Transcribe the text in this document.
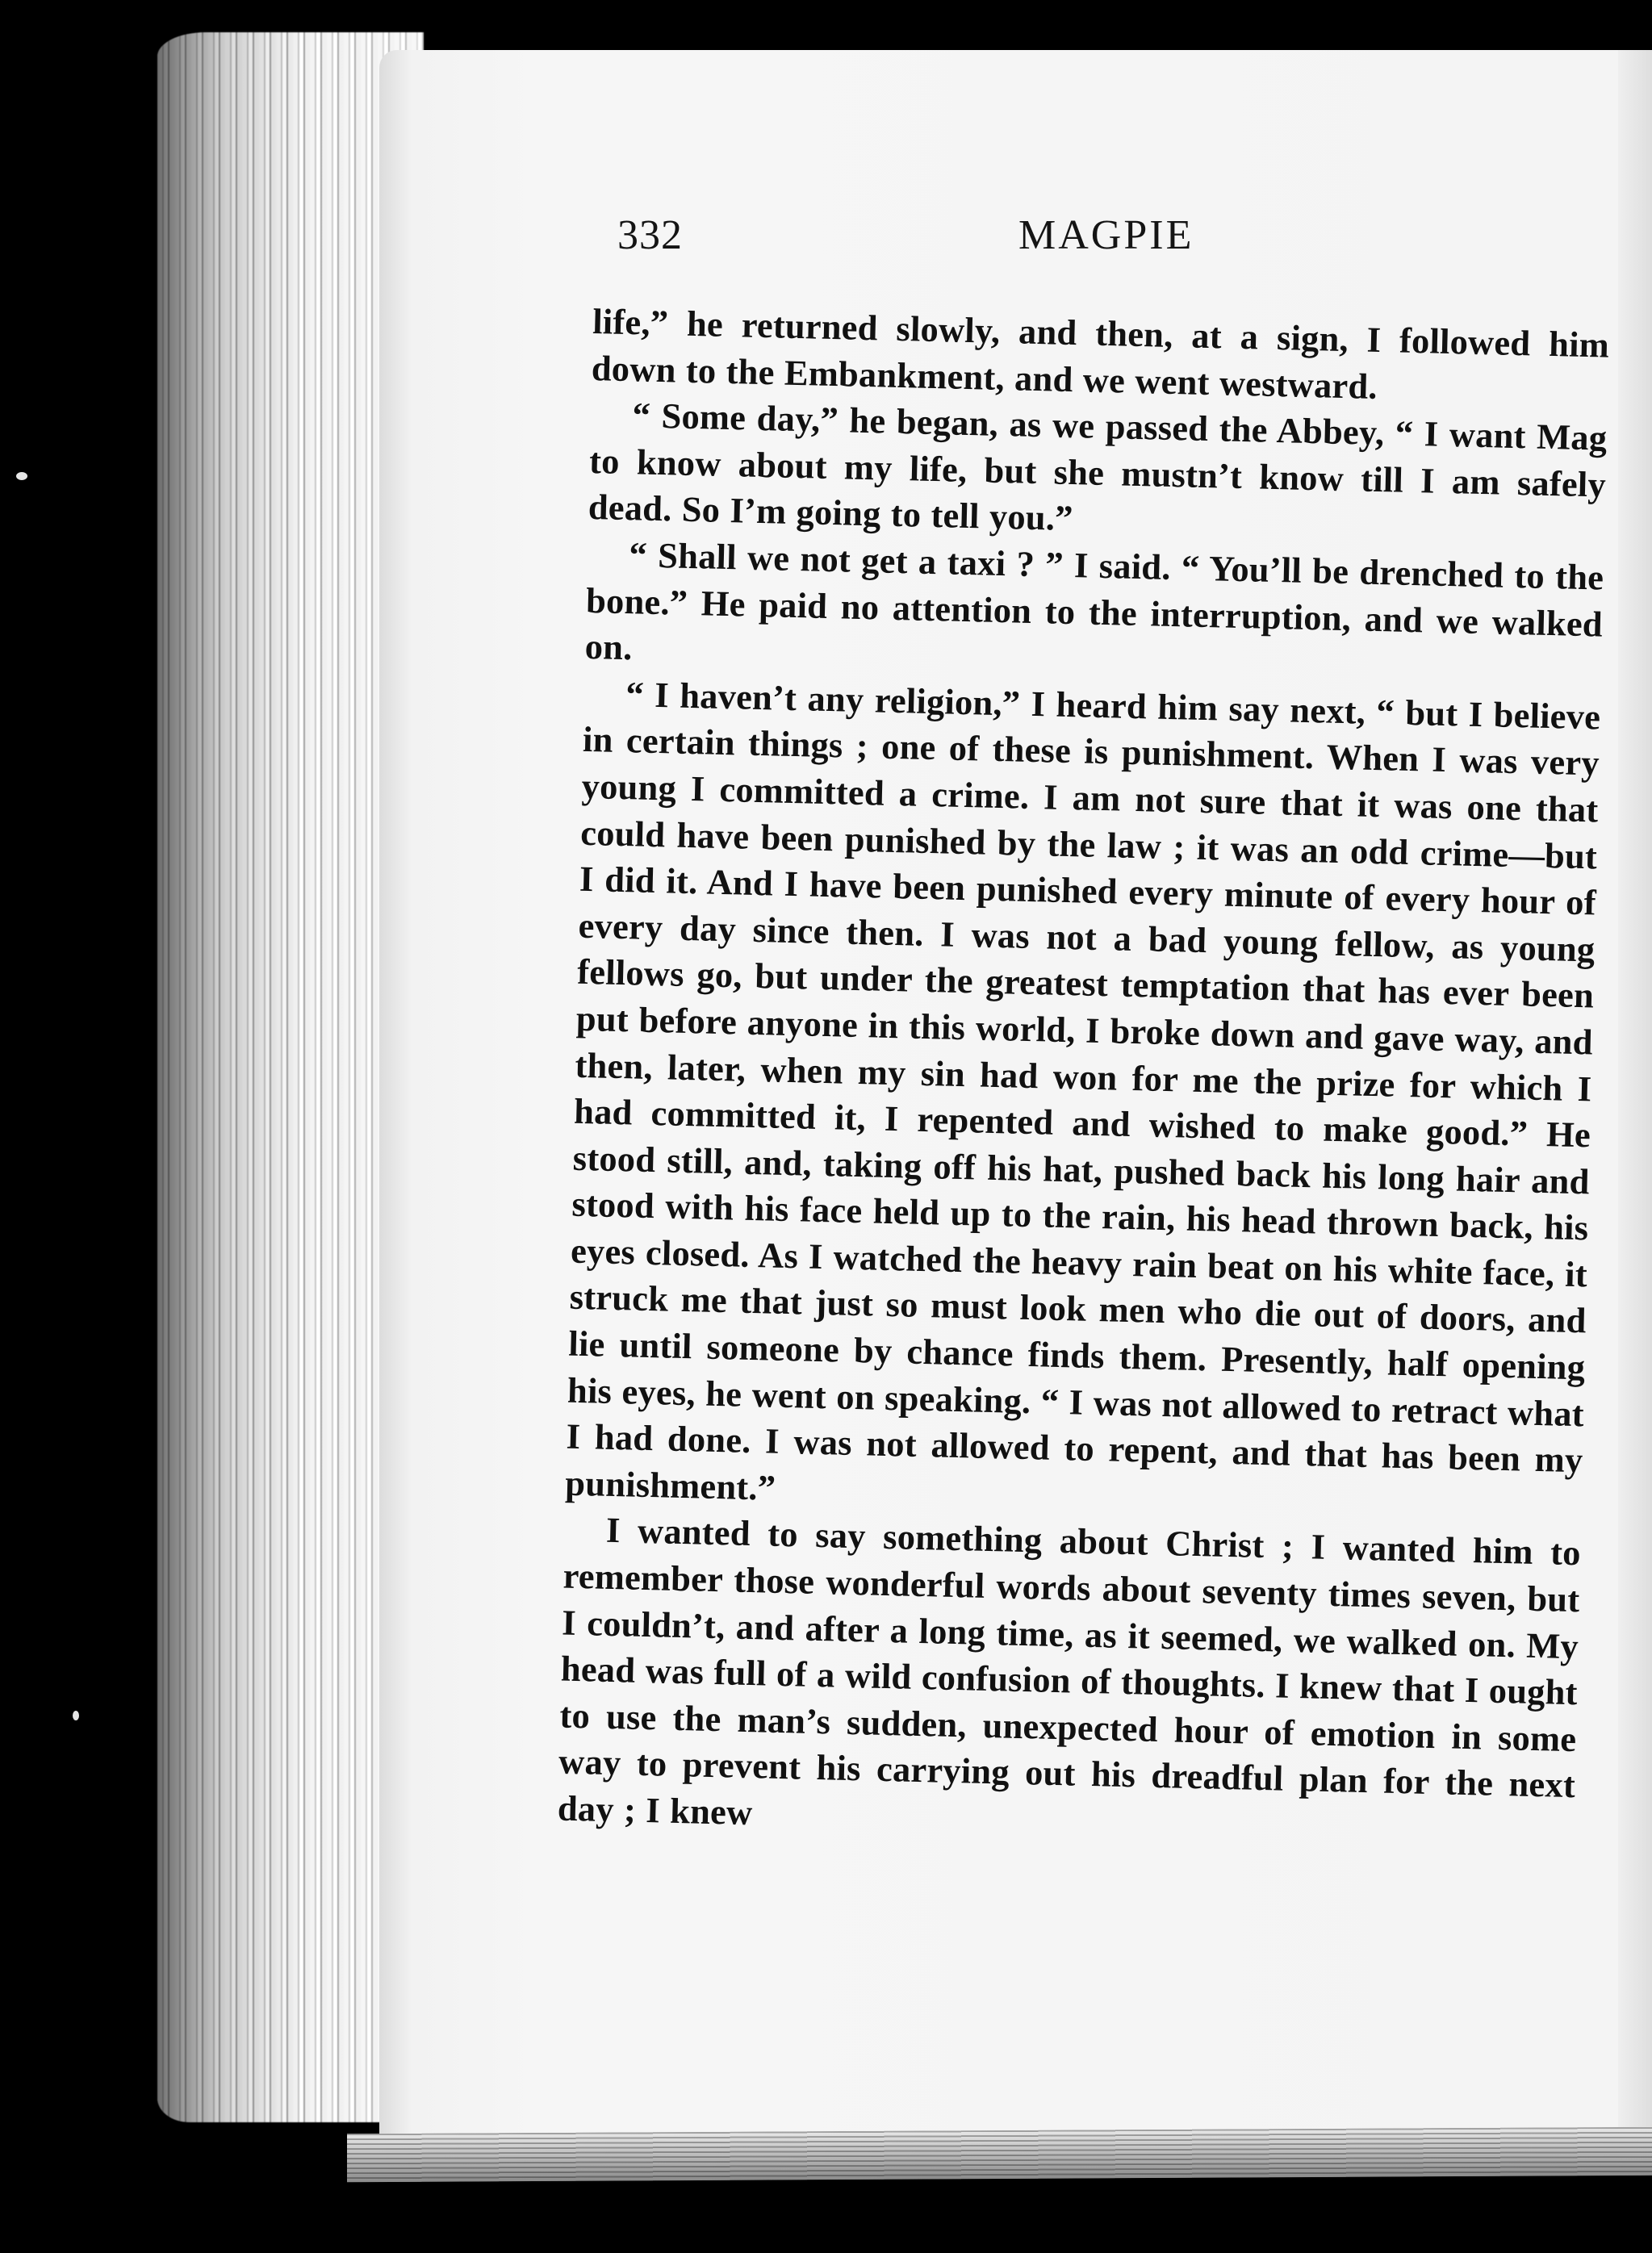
332	MAGPIE

life,” he returned slowly, and then, at a sign, I followed him down to the Embankment, and we went westward.

“ Some day,” he began, as we passed the Abbey, “ I want Mag to know about my life, but she mustn’t know till I am safely dead. So I’m going to tell you.”

“ Shall we not get a taxi ? ” I said. “ You’ll be drenched to the bone.” He paid no attention to the interruption, and we walked on.

“ I haven’t any religion,” I heard him say next, “ but I believe in certain things ; one of these is punishment. When I was very young I committed a crime. I am not sure that it was one that could have been punished by the law ; it was an odd crime—but I did it. And I have been punished every minute of every hour of every day since then. I was not a bad young fellow, as young fellows go, but under the greatest temptation that has ever been put before anyone in this world, I broke down and gave way, and then, later, when my sin had won for me the prize for which I had committed it, I repented and wished to make good.” He stood still, and, taking off his hat, pushed back his long hair and stood with his face held up to the rain, his head thrown back, his eyes closed. As I watched the heavy rain beat on his white face, it struck me that just so must look men who die out of doors, and lie until someone by chance finds them. Presently, half opening his eyes, he went on speaking. “ I was not allowed to retract what I had done. I was not allowed to repent, and that has been my punishment.”

I wanted to say something about Christ ; I wanted him to remember those wonderful words about seventy times seven, but I couldn’t, and after a long time, as it seemed, we walked on. My head was full of a wild confusion of thoughts. I knew that I ought to use the man’s sudden, unexpected hour of emotion in some way to prevent his carrying out his dreadful plan for the next day ; I knew
